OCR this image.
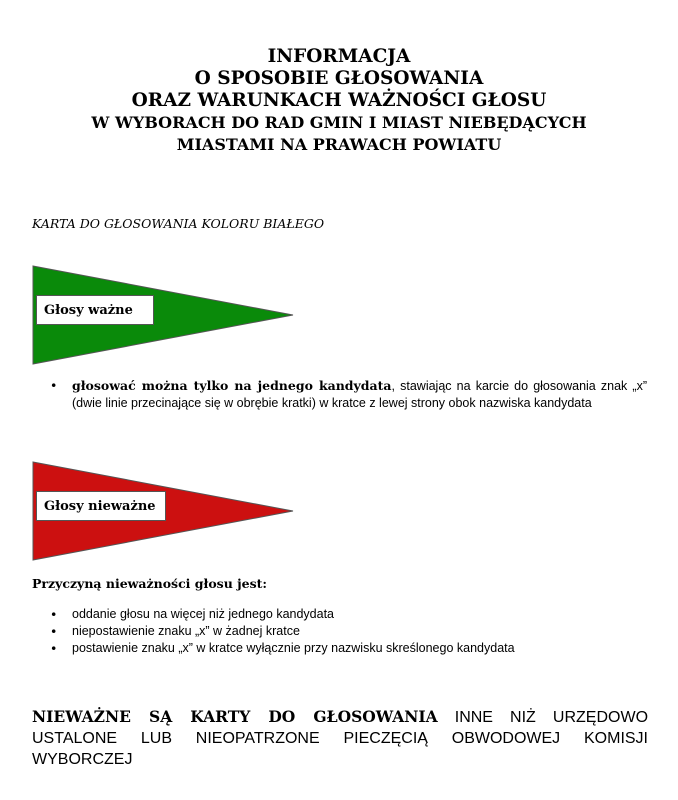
INFORMACJA
O SPOSOBIE GŁOSOWANIA
ORAZ WARUNKACH WAŻNOŚCI GŁOSU
W WYBORACH DO RAD GMIN I MIAST NIEBĘDĄCYCH
MIASTAMI NA PRAWACH POWIATU
KARTA DO GŁOSOWANIA KOLORU BIAŁEGO
Głosy ważne
• głosować można tylko na jednego kandydata, stawiając na karcie do głosowania znak „x” (dwie linie przecinające się w obrębie kratki) w kratce z lewej strony obok nazwiska kandydata
Głosy nieważne
Przyczyną nieważności głosu jest:
• oddanie głosu na więcej niż jednego kandydata
• niepostawienie znaku „x” w żadnej kratce
• postawienie znaku „x” w kratce wyłącznie przy nazwisku skreślonego kandydata
NIEWAŻNE SĄ KARTY DO GŁOSOWANIA INNE NIŻ URZĘDOWO USTALONE LUB NIEOPATRZONE PIECZĘCIĄ OBWODOWEJ KOMISJI WYBORCZEJ
